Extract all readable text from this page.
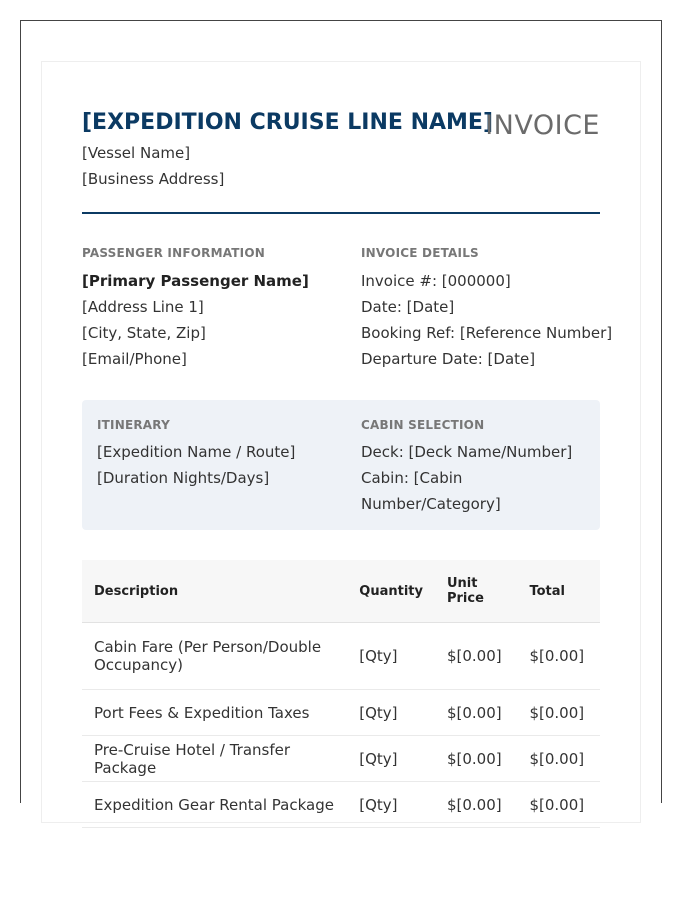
[EXPEDITION CRUISE LINE NAME]
INVOICE
[Vessel Name]
[Business Address]
PASSENGER INFORMATION
[Primary Passenger Name]
[Address Line 1]
[City, State, Zip]
[Email/Phone]
INVOICE DETAILS
Invoice #: [000000]
Date: [Date]
Booking Ref: [Reference Number]
Departure Date: [Date]
ITINERARY
[Expedition Name / Route]
[Duration Nights/Days]
CABIN SELECTION
Deck: [Deck Name/Number]
Cabin: [Cabin
Number/Category]
Description	Quantity	Unit Price	Total
Cabin Fare (Per Person/Double Occupancy)	[Qty]	$[0.00]	$[0.00]
Port Fees & Expedition Taxes	[Qty]	$[0.00]	$[0.00]
Pre-Cruise Hotel / Transfer Package	[Qty]	$[0.00]	$[0.00]
Expedition Gear Rental Package	[Qty]	$[0.00]	$[0.00]
